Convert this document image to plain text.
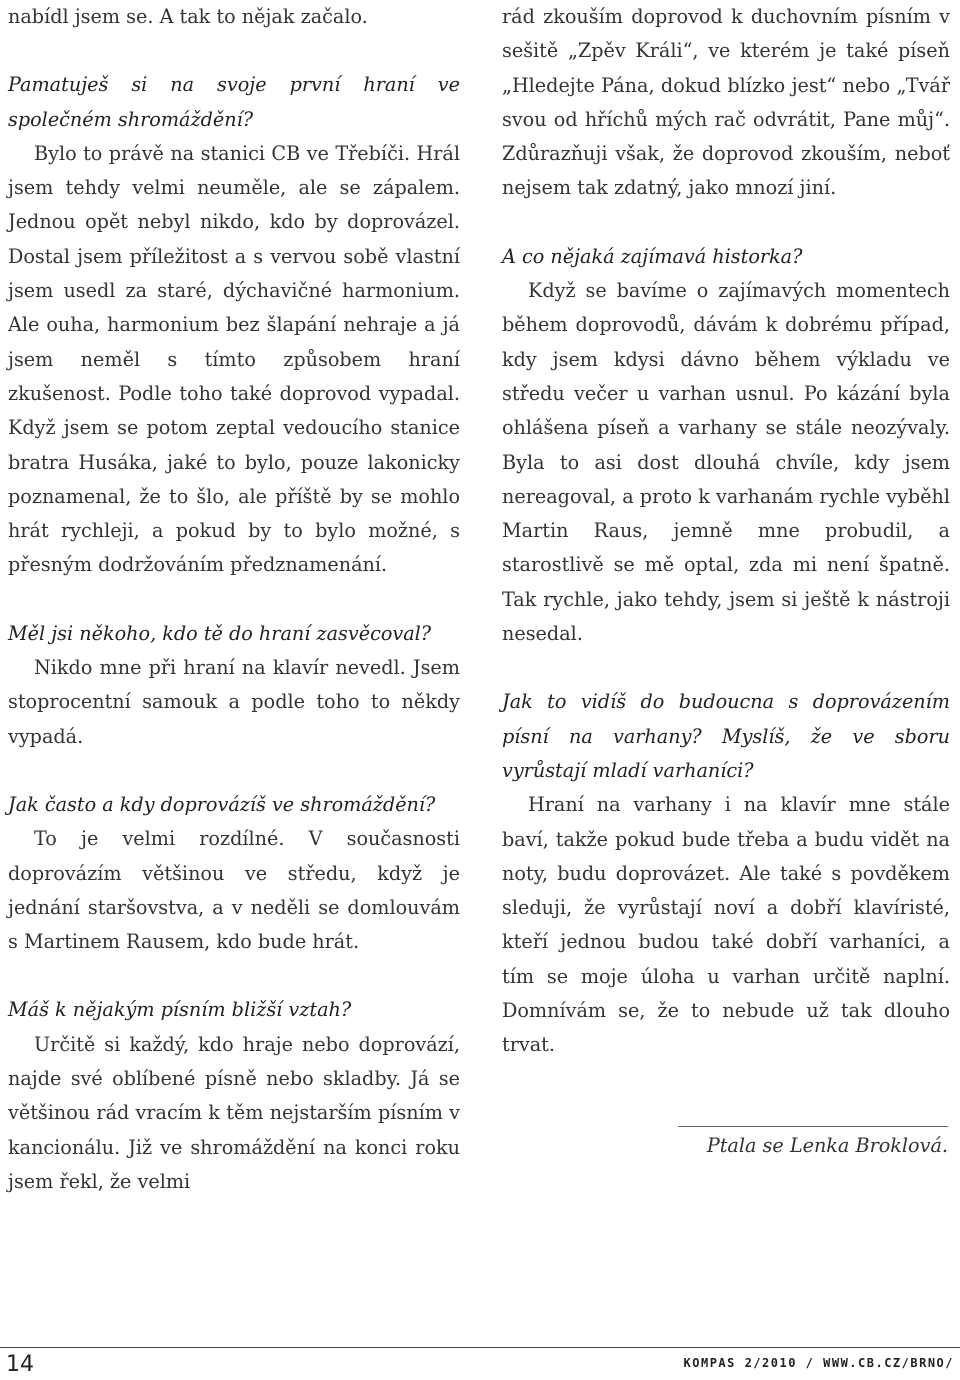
nabídl jsem se. A tak to nějak začalo.

Pamatuješ si na svoje první hraní ve společném shromáždění?

Bylo to právě na stanici CB ve Třebíči. Hrál jsem tehdy velmi neuměle, ale se zápalem. Jednou opět nebyl nikdo, kdo by doprovázel. Dostal jsem příležitost a s vervou sobě vlastní jsem usedl za staré, dýchavičné harmonium. Ale ouha, harmonium bez šlapání nehraje a já jsem neměl s tímto způsobem hraní zkušenost. Podle toho také doprovod vypadal. Když jsem se potom zeptal vedoucího stanice bratra Husáka, jaké to bylo, pouze lakonicky poznamenal, že to šlo, ale příště by se mohlo hrát rychleji, a pokud by to bylo možné, s přesným dodržováním předznamenání.

Měl jsi někoho, kdo tě do hraní zasvěcoval?

Nikdo mne při hraní na klavír nevedl. Jsem stoprocentní samouk a podle toho to někdy vypadá.

Jak často a kdy doprovázíš ve shromáždění?

To je velmi rozdílné. V současnosti doprovázím většinou ve středu, když je jednání staršovstva, a v neděli se domlouvám s Martinem Rausem, kdo bude hrát.

Máš k nějakým písním bližší vztah?

Určitě si každý, kdo hraje nebo doprovází, najde své oblíbené písně nebo skladby. Já se většinou rád vracím k těm nejstarším písním v kancionálu. Již ve shromáždění na konci roku jsem řekl, že velmi

rád zkouším doprovod k duchovním písním v sešitě „Zpěv Králi“, ve kterém je také píseň „Hledejte Pána, dokud blízko jest“ nebo „Tvář svou od hříchů mých rač odvrátit, Pane můj“. Zdůrazňuji však, že doprovod zkouším, neboť nejsem tak zdatný, jako mnozí jiní.

A co nějaká zajímavá historka?

Když se bavíme o zajímavých momentech během doprovodů, dávám k dobrému případ, kdy jsem kdysi dávno během výkladu ve středu večer u varhan usnul. Po kázání byla ohlášena píseň a varhany se stále neozývaly. Byla to asi dost dlouhá chvíle, kdy jsem nereagoval, a proto k varhanám rychle vyběhl Martin Raus, jemně mne probudil, a starostlivě se mě optal, zda mi není špatně. Tak rychle, jako tehdy, jsem si ještě k nástroji nesedal.

Jak to vidíš do budoucna s doprovázením písní na varhany? Myslíš, že ve sboru vyrůstají mladí varhaníci?

Hraní na varhany i na klavír mne stále baví, takže pokud bude třeba a budu vidět na noty, budu doprovázet. Ale také s povděkem sleduji, že vyrůstají noví a dobří klavíristé, kteří jednou budou také dobří varhaníci, a tím se moje úloha u varhan určitě naplní. Domnívám se, že to nebude už tak dlouho trvat.

Ptala se Lenka Broklová.
14	KOMPAS 2/2010 / WWW.CB.CZ/BRNO/
